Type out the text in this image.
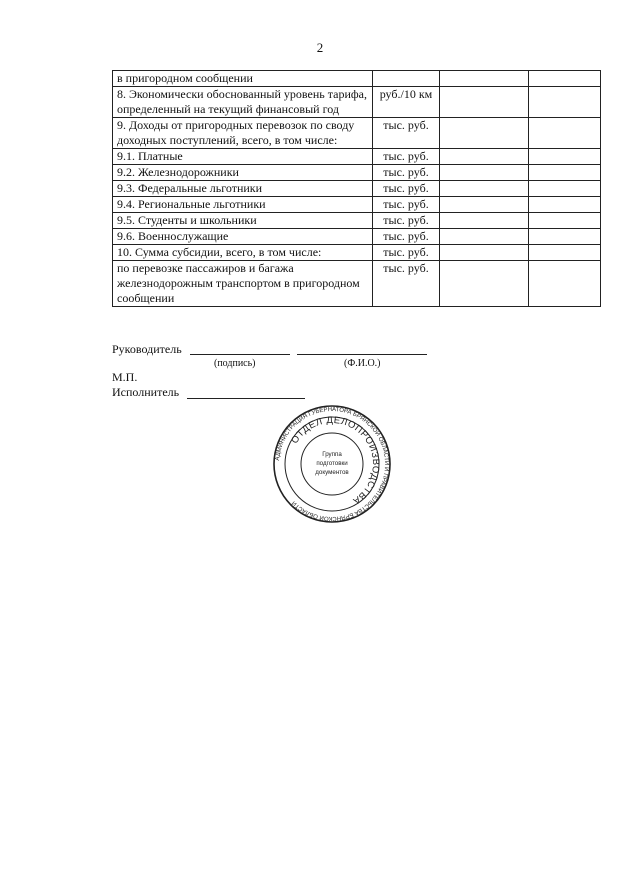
2
в пригородном сообщении			
8. Экономически обоснованный уровень тарифа, определенный на текущий финансовый год	руб./10 км		
9. Доходы от пригородных перевозок по своду доходных поступлений, всего, в том числе:	тыс. руб.		
9.1. Платные	тыс. руб.		
9.2. Железнодорожники	тыс. руб.		
9.3. Федеральные льготники	тыс. руб.		
9.4. Региональные льготники	тыс. руб.		
9.5. Студенты и школьники	тыс. руб.		
9.6. Военнослужащие	тыс. руб.		
10. Сумма субсидии, всего, в том числе:	тыс. руб.		
по перевозке пассажиров и багажа железнодорожным транспортом в пригородном сообщении	тыс. руб.		
Руководитель
(подпись)	(Ф.И.О.)
М.П.
Исполнитель
АДМИНИСТРАЦИЯ ГУБЕРНАТОРА БРЯНСКОЙ ОБЛАСТИ И ПРАВИТЕЛЬСТВА БРЯНСКОЙ ОБЛАСТИ
ОТДЕЛ ДЕЛОПРОИЗВОДСТВА
Группа
подготовки
документов
